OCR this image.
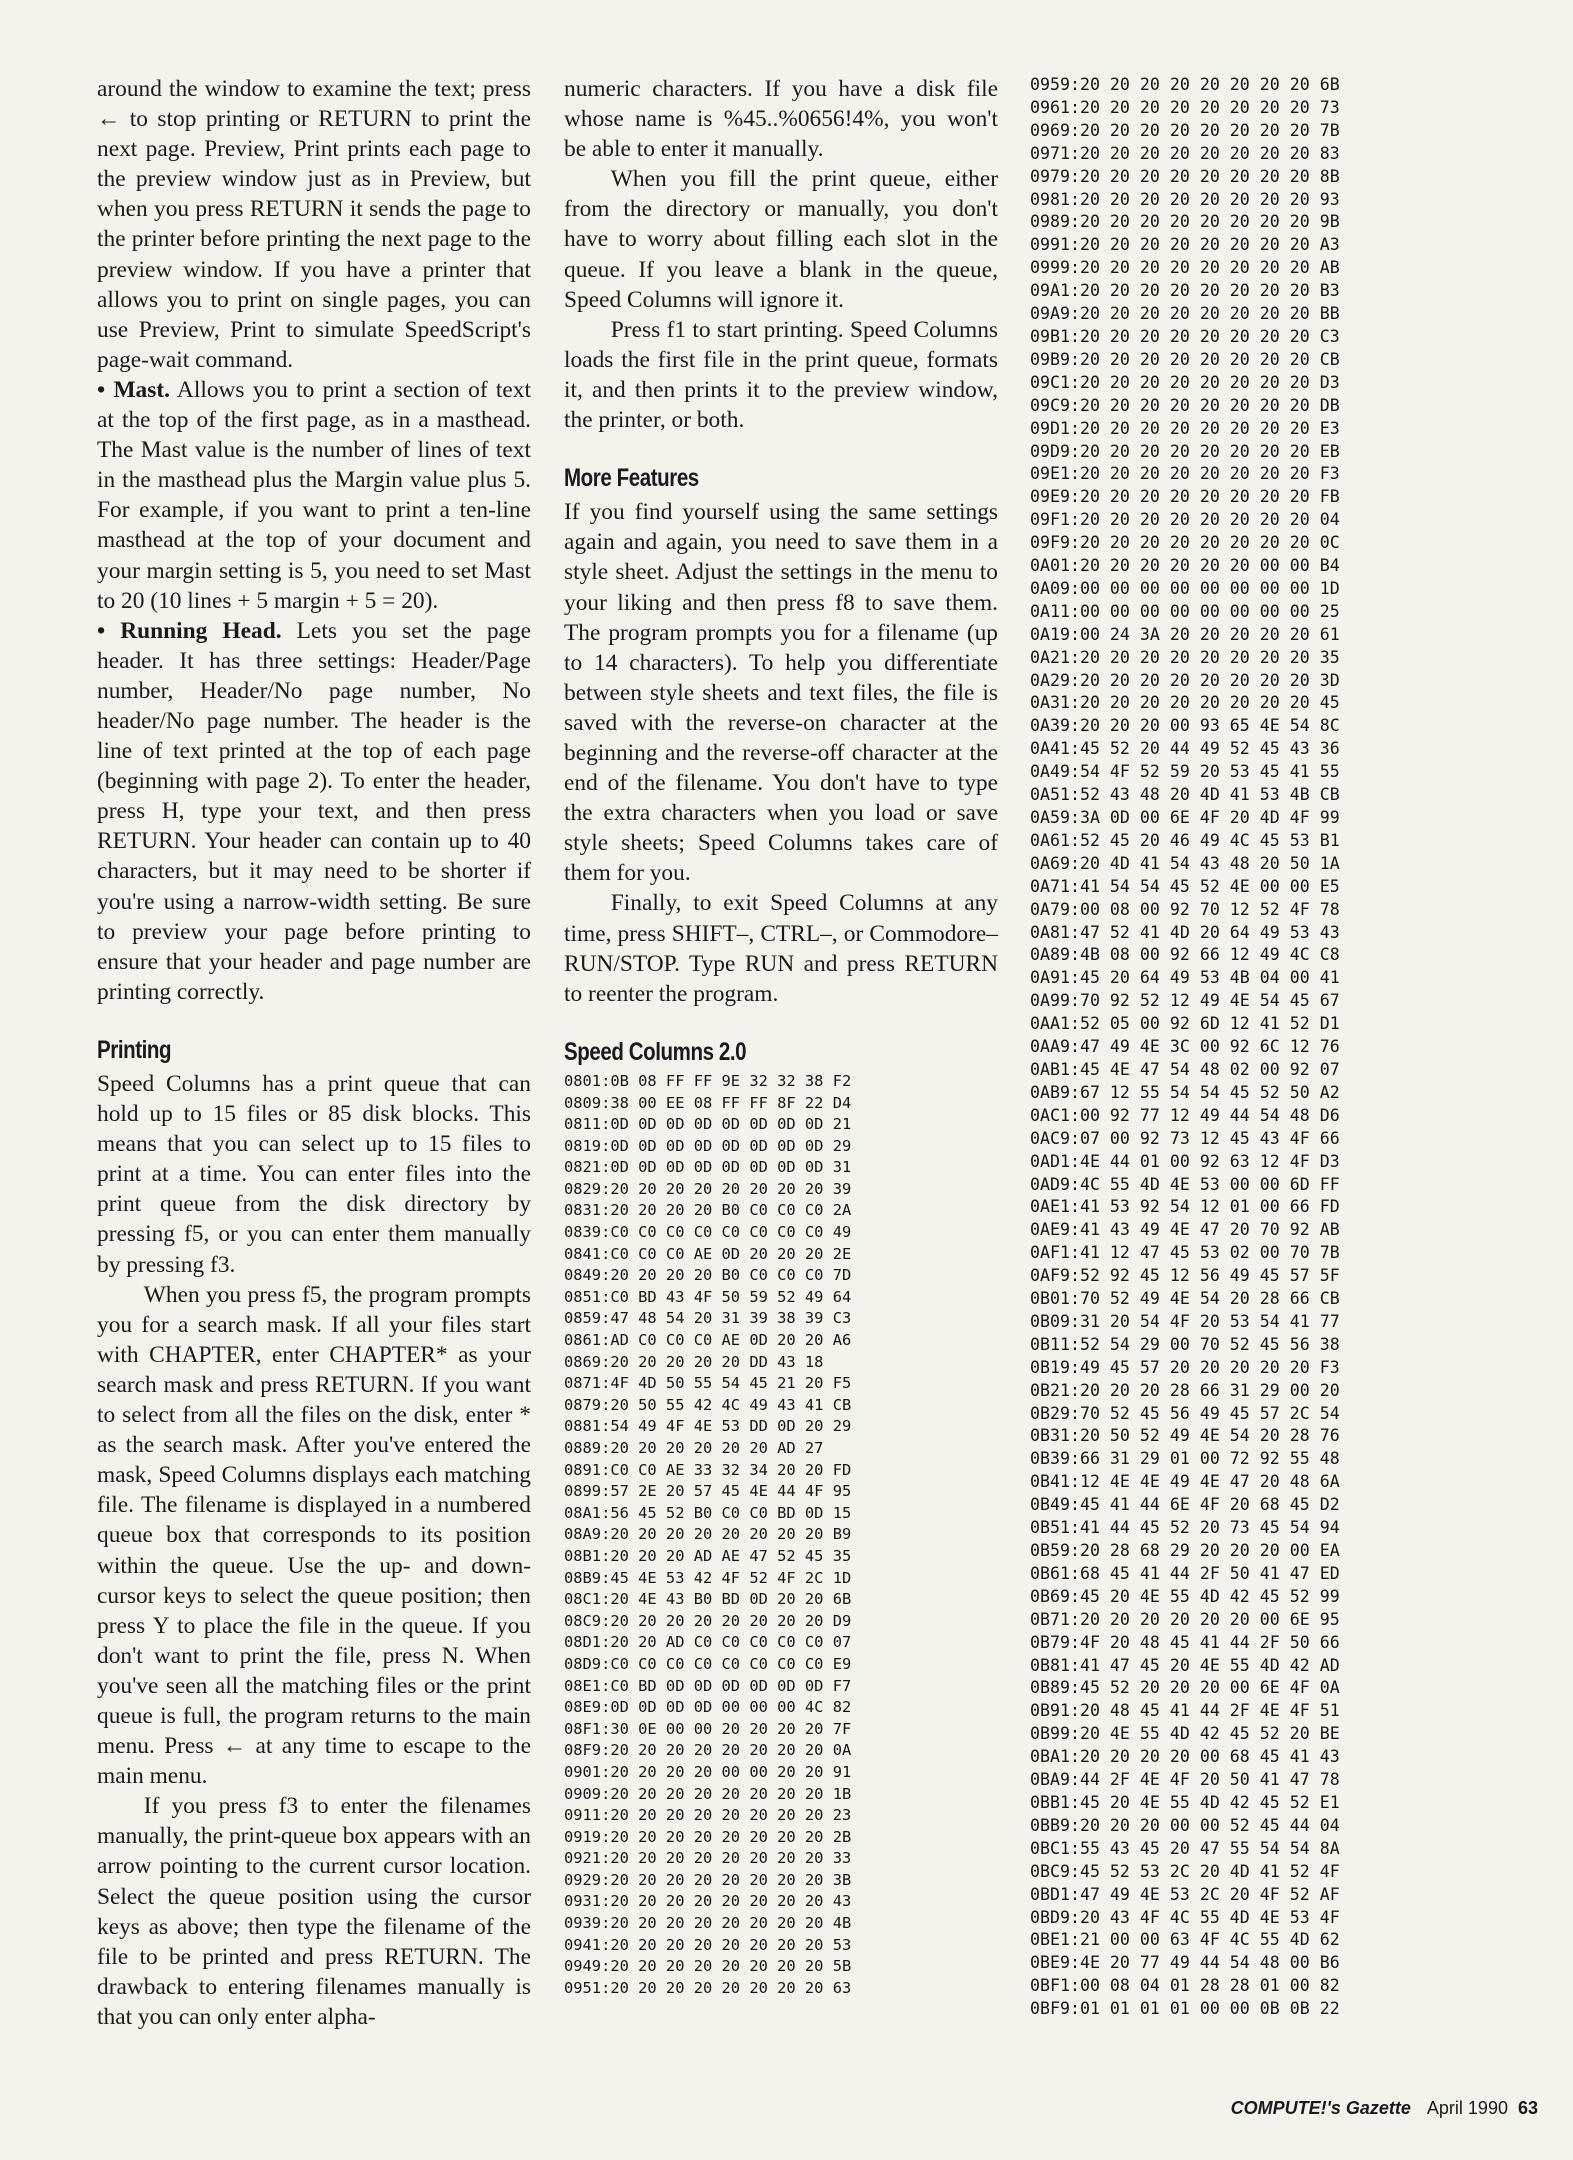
around the window to examine the text; press ← to stop printing or RETURN to print the next page. Preview, Print prints each page to the preview window just as in Preview, but when you press RETURN it sends the page to the printer before printing the next page to the preview window. If you have a printer that allows you to print on single pages, you can use Preview, Print to simulate SpeedScript's page-wait command.

• Mast. Allows you to print a section of text at the top of the first page, as in a masthead. The Mast value is the number of lines of text in the masthead plus the Margin value plus 5. For example, if you want to print a ten-line masthead at the top of your document and your margin setting is 5, you need to set Mast to 20 (10 lines + 5 margin + 5 = 20).

• Running Head. Lets you set the page header. It has three settings: Header/Page number, Header/No page number, No header/No page number. The header is the line of text printed at the top of each page (beginning with page 2). To enter the header, press H, type your text, and then press RETURN. Your header can contain up to 40 characters, but it may need to be shorter if you're using a narrow-width setting. Be sure to preview your page before printing to ensure that your header and page number are printing correctly.

Printing

Speed Columns has a print queue that can hold up to 15 files or 85 disk blocks. This means that you can select up to 15 files to print at a time. You can enter files into the print queue from the disk directory by pressing f5, or you can enter them manually by pressing f3.

When you press f5, the program prompts you for a search mask. If all your files start with CHAPTER, enter CHAPTER* as your search mask and press RETURN. If you want to select from all the files on the disk, enter * as the search mask. After you've entered the mask, Speed Columns displays each matching file. The filename is displayed in a numbered queue box that corresponds to its position within the queue. Use the up- and down-cursor keys to select the queue position; then press Y to place the file in the queue. If you don't want to print the file, press N. When you've seen all the matching files or the print queue is full, the program returns to the main menu. Press ← at any time to escape to the main menu.

If you press f3 to enter the filenames manually, the print-queue box appears with an arrow pointing to the current cursor location. Select the queue position using the cursor keys as above; then type the filename of the file to be printed and press RETURN. The drawback to entering filenames manually is that you can only enter alpha-

numeric characters. If you have a disk file whose name is %45..%0656!4%, you won't be able to enter it manually.

When you fill the print queue, either from the directory or manually, you don't have to worry about filling each slot in the queue. If you leave a blank in the queue, Speed Columns will ignore it.

Press f1 to start printing. Speed Columns loads the first file in the print queue, formats it, and then prints it to the preview window, the printer, or both.

More Features

If you find yourself using the same settings again and again, you need to save them in a style sheet. Adjust the settings in the menu to your liking and then press f8 to save them. The program prompts you for a filename (up to 14 characters). To help you differentiate between style sheets and text files, the file is saved with the reverse-on character at the beginning and the reverse-off character at the end of the filename. You don't have to type the extra characters when you load or save style sheets; Speed Columns takes care of them for you.

Finally, to exit Speed Columns at any time, press SHIFT–, CTRL–, or Commodore–RUN/STOP. Type RUN and press RETURN to reenter the program.

Speed Columns 2.0
0801:0B 08 FF FF 9E 32 32 38 F2
0809:38 00 EE 08 FF FF 8F 22 D4
0811:0D 0D 0D 0D 0D 0D 0D 0D 21
0819:0D 0D 0D 0D 0D 0D 0D 0D 29
0821:0D 0D 0D 0D 0D 0D 0D 0D 31
0829:20 20 20 20 20 20 20 20 39
0831:20 20 20 20 B0 C0 C0 C0 2A
0839:C0 C0 C0 C0 C0 C0 C0 C0 49
0841:C0 C0 C0 AE 0D 20 20 20 2E
0849:20 20 20 20 B0 C0 C0 C0 7D
0851:C0 BD 43 4F 50 59 52 49 64
0859:47 48 54 20 31 39 38 39 C3
0861:AD C0 C0 C0 AE 0D 20 20 A6
0869:20 20 20 20 20 DD 43 18
0871:4F 4D 50 55 54 45 21 20 F5
0879:20 50 55 42 4C 49 43 41 CB
0881:54 49 4F 4E 53 DD 0D 20 29
0889:20 20 20 20 20 20 AD 27
0891:C0 C0 AE 33 32 34 20 20 FD
0899:57 2E 20 57 45 4E 44 4F 95
08A1:56 45 52 B0 C0 C0 BD 0D 15
08A9:20 20 20 20 20 20 20 20 B9
08B1:20 20 20 AD AE 47 52 45 35
08B9:45 4E 53 42 4F 52 4F 2C 1D
08C1:20 4E 43 B0 BD 0D 20 20 6B
08C9:20 20 20 20 20 20 20 20 D9
08D1:20 20 AD C0 C0 C0 C0 C0 07
08D9:C0 C0 C0 C0 C0 C0 C0 C0 E9
08E1:C0 BD 0D 0D 0D 0D 0D 0D F7
08E9:0D 0D 0D 0D 00 00 00 4C 82
08F1:30 0E 00 00 20 20 20 20 7F
08F9:20 20 20 20 20 20 20 20 0A
0901:20 20 20 20 00 00 20 20 91
0909:20 20 20 20 20 20 20 20 1B
0911:20 20 20 20 20 20 20 20 23
0919:20 20 20 20 20 20 20 20 2B
0921:20 20 20 20 20 20 20 20 33
0929:20 20 20 20 20 20 20 20 3B
0931:20 20 20 20 20 20 20 20 43
0939:20 20 20 20 20 20 20 20 4B
0941:20 20 20 20 20 20 20 20 53
0949:20 20 20 20 20 20 20 20 5B
0951:20 20 20 20 20 20 20 20 63
0959:20 20 20 20 20 20 20 20 6B
0961:20 20 20 20 20 20 20 20 73
0969:20 20 20 20 20 20 20 20 7B
0971:20 20 20 20 20 20 20 20 83
0979:20 20 20 20 20 20 20 20 8B
0981:20 20 20 20 20 20 20 20 93
0989:20 20 20 20 20 20 20 20 9B
0991:20 20 20 20 20 20 20 20 A3
0999:20 20 20 20 20 20 20 20 AB
09A1:20 20 20 20 20 20 20 20 B3
09A9:20 20 20 20 20 20 20 20 BB
09B1:20 20 20 20 20 20 20 20 C3
09B9:20 20 20 20 20 20 20 20 CB
09C1:20 20 20 20 20 20 20 20 D3
09C9:20 20 20 20 20 20 20 20 DB
09D1:20 20 20 20 20 20 20 20 E3
09D9:20 20 20 20 20 20 20 20 EB
09E1:20 20 20 20 20 20 20 20 F3
09E9:20 20 20 20 20 20 20 20 FB
09F1:20 20 20 20 20 20 20 20 04
09F9:20 20 20 20 20 20 20 20 0C
0A01:20 20 20 20 20 20 00 00 B4
0A09:00 00 00 00 00 00 00 00 1D
0A11:00 00 00 00 00 00 00 00 25
0A19:00 24 3A 20 20 20 20 20 61
0A21:20 20 20 20 20 20 20 20 35
0A29:20 20 20 20 20 20 20 20 3D
0A31:20 20 20 20 20 20 20 20 45
0A39:20 20 20 00 93 65 4E 54 8C
0A41:45 52 20 44 49 52 45 43 36
0A49:54 4F 52 59 20 53 45 41 55
0A51:52 43 48 20 4D 41 53 4B CB
0A59:3A 0D 00 6E 4F 20 4D 4F 99
0A61:52 45 20 46 49 4C 45 53 B1
0A69:20 4D 41 54 43 48 20 50 1A
0A71:41 54 54 45 52 4E 00 00 E5
0A79:00 08 00 92 70 12 52 4F 78
0A81:47 52 41 4D 20 64 49 53 43
0A89:4B 08 00 92 66 12 49 4C C8
0A91:45 20 64 49 53 4B 04 00 41
0A99:70 92 52 12 49 4E 54 45 67
0AA1:52 05 00 92 6D 12 41 52 D1
0AA9:47 49 4E 3C 00 92 6C 12 76
0AB1:45 4E 47 54 48 02 00 92 07
0AB9:67 12 55 54 54 45 52 50 A2
0AC1:00 92 77 12 49 44 54 48 D6
0AC9:07 00 92 73 12 45 43 4F 66
0AD1:4E 44 01 00 92 63 12 4F D3
0AD9:4C 55 4D 4E 53 00 00 6D FF
0AE1:41 53 92 54 12 01 00 66 FD
0AE9:41 43 49 4E 47 20 70 92 AB
0AF1:41 12 47 45 53 02 00 70 7B
0AF9:52 92 45 12 56 49 45 57 5F
0B01:70 52 49 4E 54 20 28 66 CB
0B09:31 20 54 4F 20 53 54 41 77
0B11:52 54 29 00 70 52 45 56 38
0B19:49 45 57 20 20 20 20 20 F3
0B21:20 20 20 28 66 31 29 00 20
0B29:70 52 45 56 49 45 57 2C 54
0B31:20 50 52 49 4E 54 20 28 76
0B39:66 31 29 01 00 72 92 55 48
0B41:12 4E 4E 49 4E 47 20 48 6A
0B49:45 41 44 6E 4F 20 68 45 D2
0B51:41 44 45 52 20 73 45 54 94
0B59:20 28 68 29 20 20 20 00 EA
0B61:68 45 41 44 2F 50 41 47 ED
0B69:45 20 4E 55 4D 42 45 52 99
0B71:20 20 20 20 20 20 00 6E 95
0B79:4F 20 48 45 41 44 2F 50 66
0B81:41 47 45 20 4E 55 4D 42 AD
0B89:45 52 20 20 20 00 6E 4F 0A
0B91:20 48 45 41 44 2F 4E 4F 51
0B99:20 4E 55 4D 42 45 52 20 BE
0BA1:20 20 20 20 00 68 45 41 43
0BA9:44 2F 4E 4F 20 50 41 47 78
0BB1:45 20 4E 55 4D 42 45 52 E1
0BB9:20 20 20 00 00 52 45 44 04
0BC1:55 43 45 20 47 55 54 54 8A
0BC9:45 52 53 2C 20 4D 41 52 4F
0BD1:47 49 4E 53 2C 20 4F 52 AF
0BD9:20 43 4F 4C 55 4D 4E 53 4F
0BE1:21 00 00 63 4F 4C 55 4D 62
0BE9:4E 20 77 49 44 54 48 00 B6
0BF1:00 08 04 01 28 28 01 00 82
0BF9:01 01 01 01 00 00 0B 0B 22
COMPUTE!'s Gazette April 1990 63
